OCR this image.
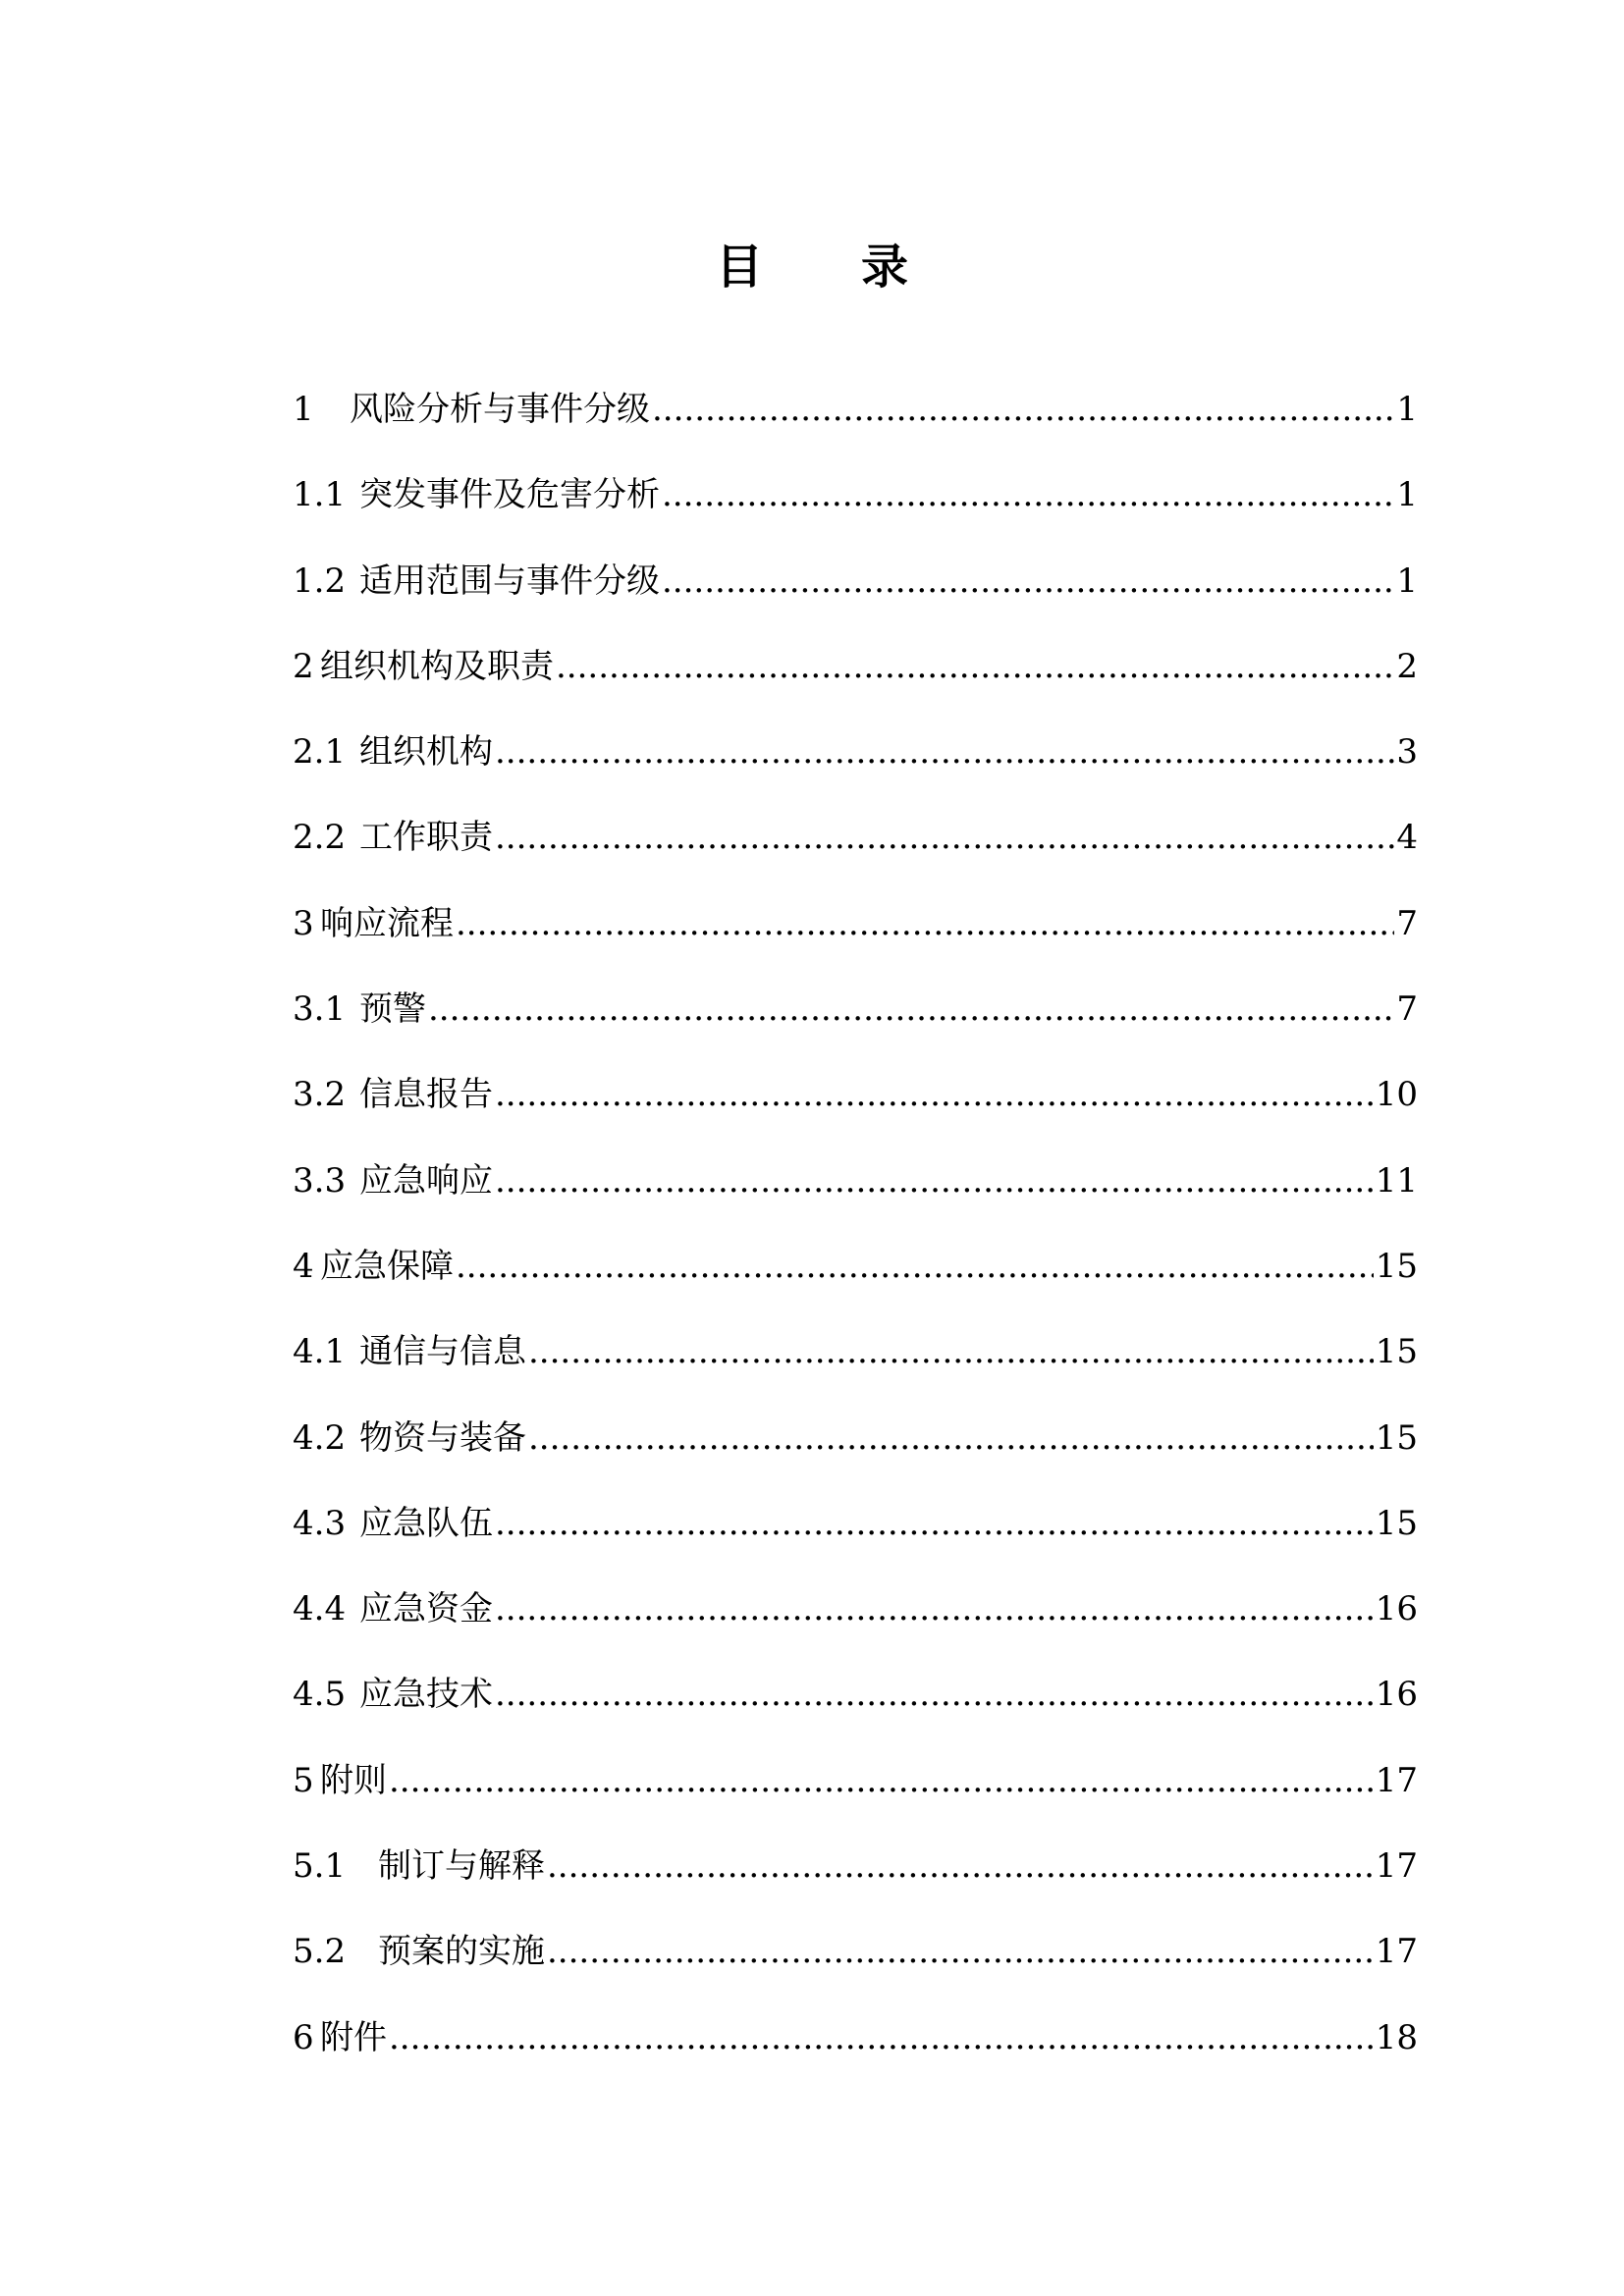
目录
1	风险分析与事件分级 .....	1
1.1 突发事件及危害分析 .....	1
1.2 适用范围与事件分级 .....	1
2 组织机构及职责 .....	2
2.1 组织机构 .....	3
2.2 工作职责 .....	4
3 响应流程 .....	7
3.1 预警 .....	7
3.2 信息报告 .....	10
3.3 应急响应 .....	11
4 应急保障 .....	15
4.1 通信与信息 .....	15
4.2 物资与装备 .....	15
4.3 应急队伍 .....	15
4.4 应急资金 .....	16
4.5 应急技术 .....	16
5 附则 .....	17
5.1 制订与解释 .....	17
5.2 预案的实施 .....	17
6 附件 .....	18
